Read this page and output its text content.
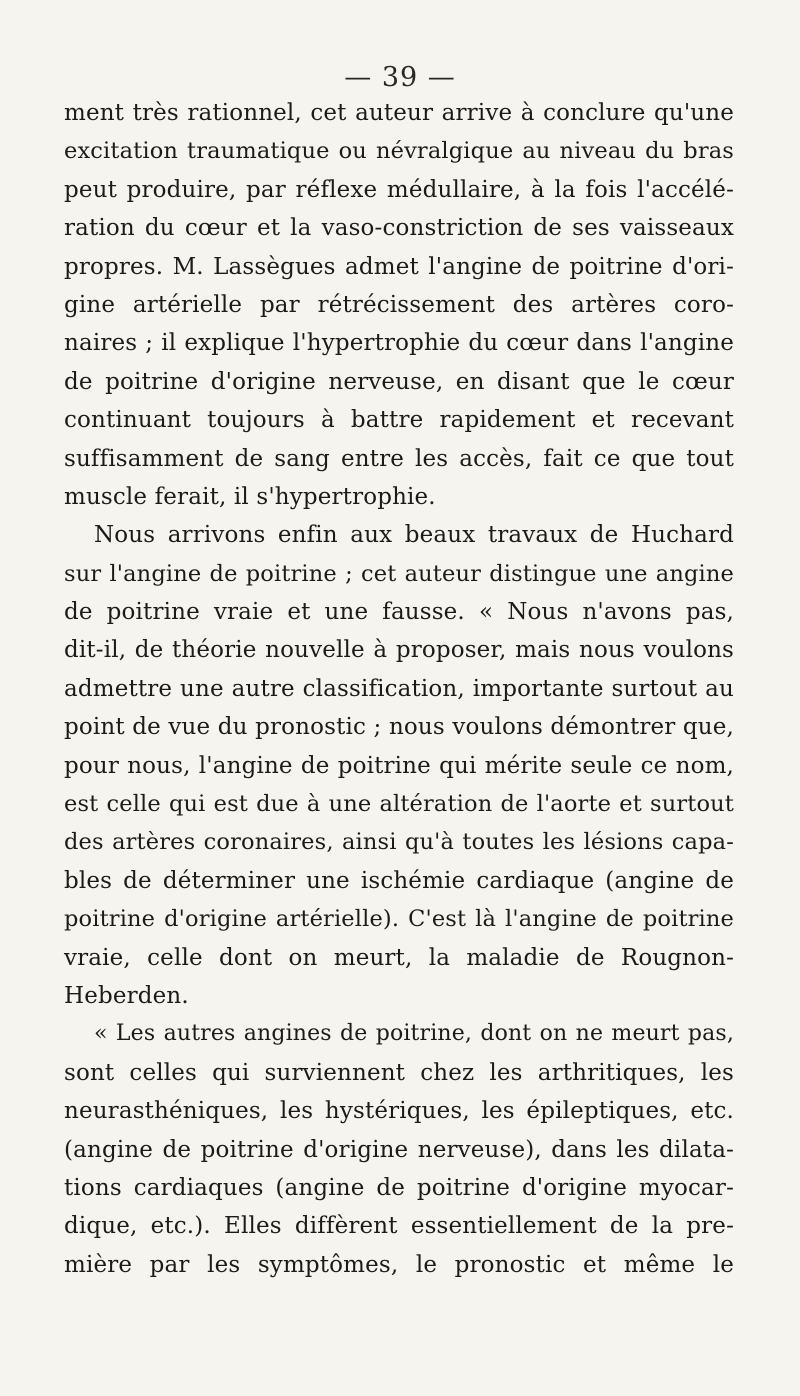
— 39 —
ment très rationnel, cet auteur arrive à conclure qu'une
excitation traumatique ou névralgique au niveau du bras
peut produire, par réflexe médullaire, à la fois l'accélé-
ration du cœur et la vaso-constriction de ses vaisseaux
propres. M. Lassègues admet l'angine de poitrine d'ori-
gine artérielle par rétrécissement des artères coro-
naires ; il explique l'hypertrophie du cœur dans l'angine
de poitrine d'origine nerveuse, en disant que le cœur
continuant toujours à battre rapidement et recevant
suffisamment de sang entre les accès, fait ce que tout
muscle ferait, il s'hypertrophie.
Nous arrivons enfin aux beaux travaux de Huchard
sur l'angine de poitrine ; cet auteur distingue une angine
de poitrine vraie et une fausse. « Nous n'avons pas,
dit-il, de théorie nouvelle à proposer, mais nous voulons
admettre une autre classification, importante surtout au
point de vue du pronostic ; nous voulons démontrer que,
pour nous, l'angine de poitrine qui mérite seule ce nom,
est celle qui est due à une altération de l'aorte et surtout
des artères coronaires, ainsi qu'à toutes les lésions capa-
bles de déterminer une ischémie cardiaque (angine de
poitrine d'origine artérielle). C'est là l'angine de poitrine
vraie, celle dont on meurt, la maladie de Rougnon-
Heberden.
« Les autres angines de poitrine, dont on ne meurt pas,
sont celles qui surviennent chez les arthritiques, les
neurasthéniques, les hystériques, les épileptiques, etc.
(angine de poitrine d'origine nerveuse), dans les dilata-
tions cardiaques (angine de poitrine d'origine myocar-
dique, etc.). Elles diffèrent essentiellement de la pre-
mière par les symptômes, le pronostic et même le
